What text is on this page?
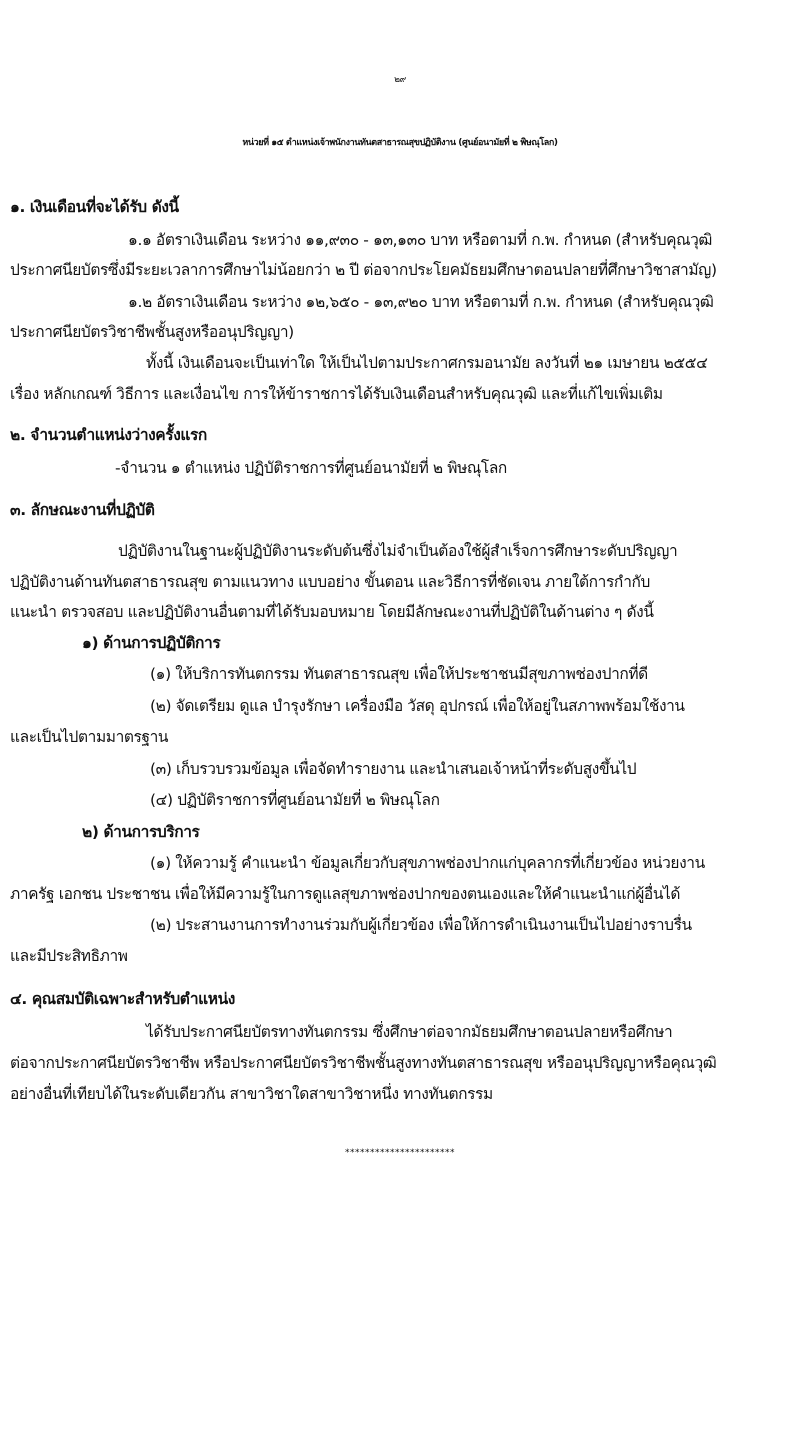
๒๙
หน่วยที่ ๑๕ ตำแหน่งเจ้าพนักงานทันตสาธารณสุขปฏิบัติงาน (ศูนย์อนามัยที่ ๒ พิษณุโลก)
๑. เงินเดือนที่จะได้รับ ดังนี้
๑.๑ อัตราเงินเดือน ระหว่าง ๑๑,๙๓๐ - ๑๓,๑๓๐ บาท หรือตามที่ ก.พ. กำหนด (สำหรับคุณวุฒิ
ประกาศนียบัตรซึ่งมีระยะเวลาการศึกษาไม่น้อยกว่า ๒ ปี ต่อจากประโยคมัธยมศึกษาตอนปลายที่ศึกษาวิชาสามัญ)
๑.๒ อัตราเงินเดือน ระหว่าง ๑๒,๖๕๐ - ๑๓,๙๒๐ บาท หรือตามที่ ก.พ. กำหนด (สำหรับคุณวุฒิ
ประกาศนียบัตรวิชาชีพชั้นสูงหรืออนุปริญญา)
ทั้งนี้ เงินเดือนจะเป็นเท่าใด ให้เป็นไปตามประกาศกรมอนามัย ลงวันที่ ๒๑ เมษายน ๒๕๕๔
เรื่อง หลักเกณฑ์ วิธีการ และเงื่อนไข การให้ข้าราชการได้รับเงินเดือนสำหรับคุณวุฒิ และที่แก้ไขเพิ่มเติม
๒. จำนวนตำแหน่งว่างครั้งแรก
-จำนวน ๑ ตำแหน่ง ปฏิบัติราชการที่ศูนย์อนามัยที่ ๒ พิษณุโลก
๓. ลักษณะงานที่ปฏิบัติ
ปฏิบัติงานในฐานะผู้ปฏิบัติงานระดับต้นซึ่งไม่จำเป็นต้องใช้ผู้สำเร็จการศึกษาระดับปริญญา
ปฏิบัติงานด้านทันตสาธารณสุข ตามแนวทาง แบบอย่าง ขั้นตอน และวิธีการที่ชัดเจน ภายใต้การกำกับ
แนะนำ ตรวจสอบ และปฏิบัติงานอื่นตามที่ได้รับมอบหมาย โดยมีลักษณะงานที่ปฏิบัติในด้านต่าง ๆ ดังนี้
๑) ด้านการปฏิบัติการ
(๑) ให้บริการทันตกรรม ทันตสาธารณสุข เพื่อให้ประชาชนมีสุขภาพช่องปากที่ดี
(๒) จัดเตรียม ดูแล บำรุงรักษา เครื่องมือ วัสดุ อุปกรณ์ เพื่อให้อยู่ในสภาพพร้อมใช้งาน
และเป็นไปตามมาตรฐาน
(๓) เก็บรวบรวมข้อมูล เพื่อจัดทำรายงาน และนำเสนอเจ้าหน้าที่ระดับสูงขึ้นไป
(๔) ปฏิบัติราชการที่ศูนย์อนามัยที่ ๒ พิษณุโลก
๒) ด้านการบริการ
(๑) ให้ความรู้ คำแนะนำ ข้อมูลเกี่ยวกับสุขภาพช่องปากแก่บุคลากรที่เกี่ยวข้อง หน่วยงาน
ภาครัฐ เอกชน ประชาชน เพื่อให้มีความรู้ในการดูแลสุขภาพช่องปากของตนเองและให้คำแนะนำแก่ผู้อื่นได้
(๒) ประสานงานการทำงานร่วมกับผู้เกี่ยวข้อง เพื่อให้การดำเนินงานเป็นไปอย่างราบรื่น
และมีประสิทธิภาพ
๔. คุณสมบัติเฉพาะสำหรับตำแหน่ง
ได้รับประกาศนียบัตรทางทันตกรรม ซึ่งศึกษาต่อจากมัธยมศึกษาตอนปลายหรือศึกษา
ต่อจากประกาศนียบัตรวิชาชีพ หรือประกาศนียบัตรวิชาชีพชั้นสูงทางทันตสาธารณสุข หรืออนุปริญญาหรือคุณวุฒิ
อย่างอื่นที่เทียบได้ในระดับเดียวกัน สาขาวิชาใดสาขาวิชาหนึ่ง ทางทันตกรรม
**********************
